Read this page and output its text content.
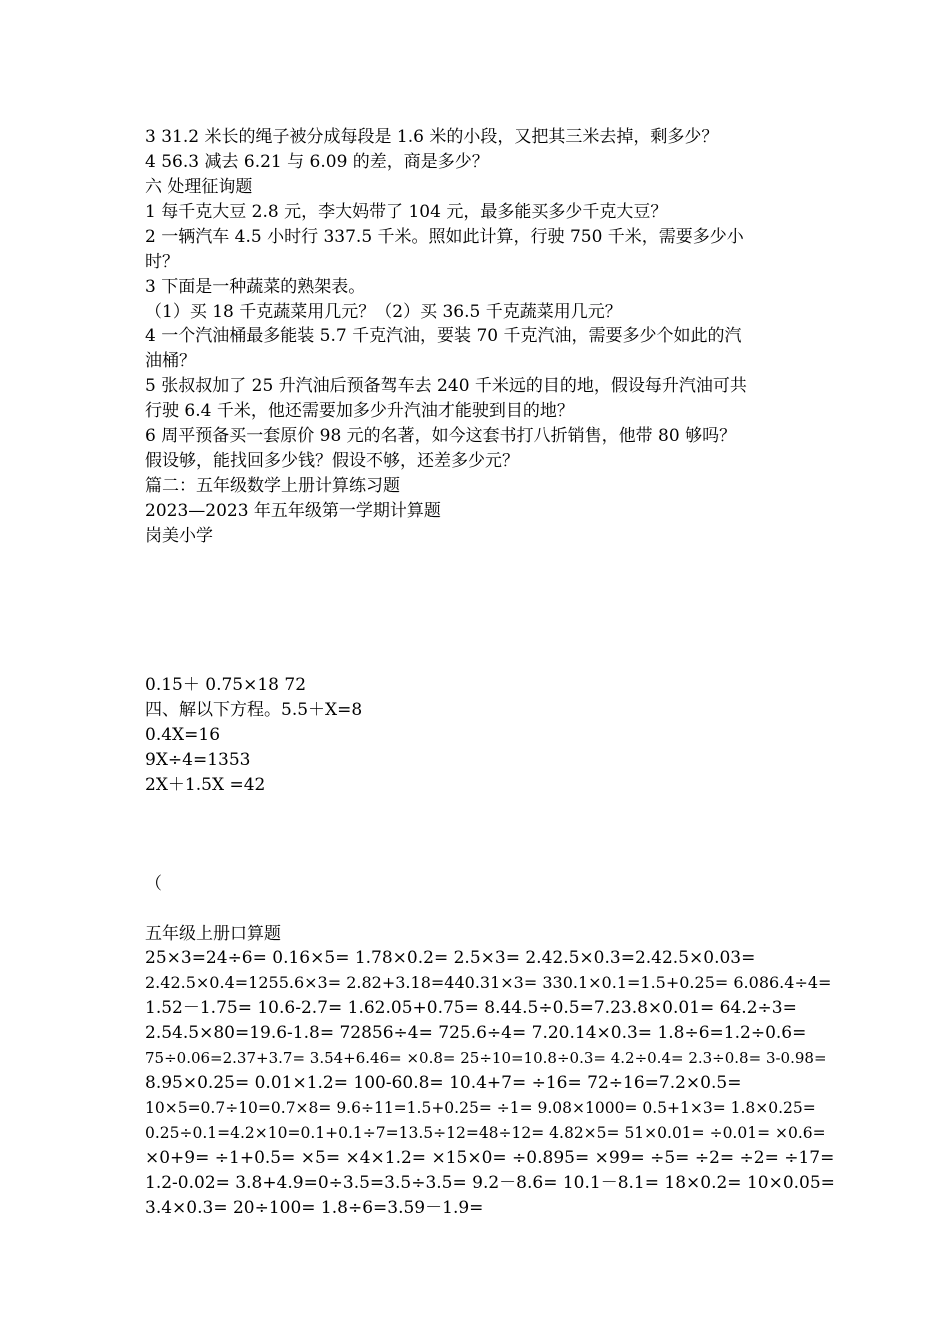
3 31.2 米长的绳子被分成每段是 1.6 米的小段，又把其三米去掉，剩多少？
4 56.3 减去 6.21 与 6.09 的差，商是多少？
六 处理征询题
1 每千克大豆 2.8 元，李大妈带了 104 元，最多能买多少千克大豆？
2 一辆汽车 4.5 小时行 337.5 千米。照如此计算，行驶 750 千米，需要多少小
时？
3 下面是一种蔬菜的熟架表。
（1）买 18 千克蔬菜用几元？（2）买 36.5 千克蔬菜用几元？
4 一个汽油桶最多能装 5.7 千克汽油，要装 70 千克汽油，需要多少个如此的汽
油桶？
5 张叔叔加了 25 升汽油后预备驾车去 240 千米远的目的地，假设每升汽油可共
行驶 6.4 千米，他还需要加多少升汽油才能驶到目的地？
6 周平预备买一套原价 98 元的名著，如今这套书打八折销售，他带 80 够吗？
假设够，能找回多少钱？假设不够，还差多少元？
篇二：五年级数学上册计算练习题
2023—2023 年五年级第一学期计算题
岗美小学
0.15＋ 0.75×18 72
四、解以下方程。5.5＋X=8
0.4X=16
9X÷4=1353
2X＋1.5X =42
（
五年级上册口算题
25×3=24÷6= 0.16×5= 1.78×0.2= 2.5×3= 2.42.5×0.3=2.42.5×0.03=
2.42.5×0.4=1255.6×3= 2.82+3.18=440.31×3= 330.1×0.1=1.5+0.25= 6.086.4÷4=
1.52－1.75= 10.6-2.7= 1.62.05+0.75= 8.44.5÷0.5=7.23.8×0.01= 64.2÷3=
2.54.5×80=19.6-1.8= 72856÷4= 725.6÷4= 7.20.14×0.3= 1.8÷6=1.2÷0.6=
75÷0.06=2.37+3.7= 3.54+6.46= ×0.8= 25÷10=10.8÷0.3= 4.2÷0.4= 2.3÷0.8= 3-0.98=
8.95×0.25= 0.01×1.2= 100-60.8= 10.4+7= ÷16= 72÷16=7.2×0.5=
10×5=0.7÷10=0.7×8= 9.6÷11=1.5+0.25= ÷1= 9.08×1000= 0.5+1×3= 1.8×0.25=
0.25÷0.1=4.2×10=0.1+0.1÷7=13.5÷12=48÷12= 4.82×5= 51×0.01= ÷0.01= ×0.6=
×0+9= ÷1+0.5= ×5= ×4×1.2= ×15×0= ÷0.895= ×99= ÷5= ÷2= ÷2= ÷17=
1.2-0.02= 3.8+4.9=0÷3.5=3.5÷3.5= 9.2－8.6= 10.1－8.1= 18×0.2= 10×0.05=
3.4×0.3= 20÷100= 1.8÷6=3.59－1.9=
